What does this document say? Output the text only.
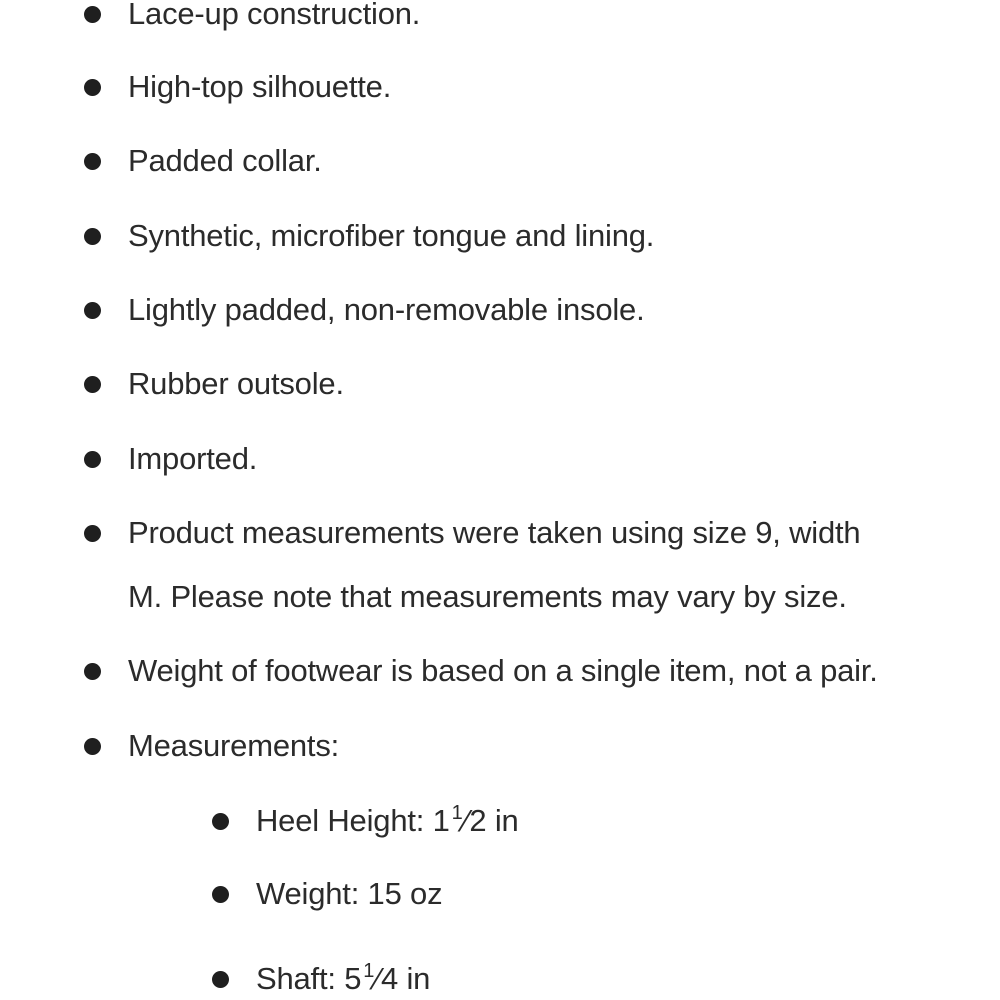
Lace-up construction.
High-top silhouette.
Padded collar.
Synthetic, microfiber tongue and lining.
Lightly padded, non-removable insole.
Rubber outsole.
Imported.
Product measurements were taken using size 9, width
M. Please note that measurements may vary by size.
Weight of footwear is based on a single item, not a pair.
Measurements:
Heel Height: 1 $^1$⁄2 in
Weight: 15 oz
Shaft: 5 $^1$⁄4 in
